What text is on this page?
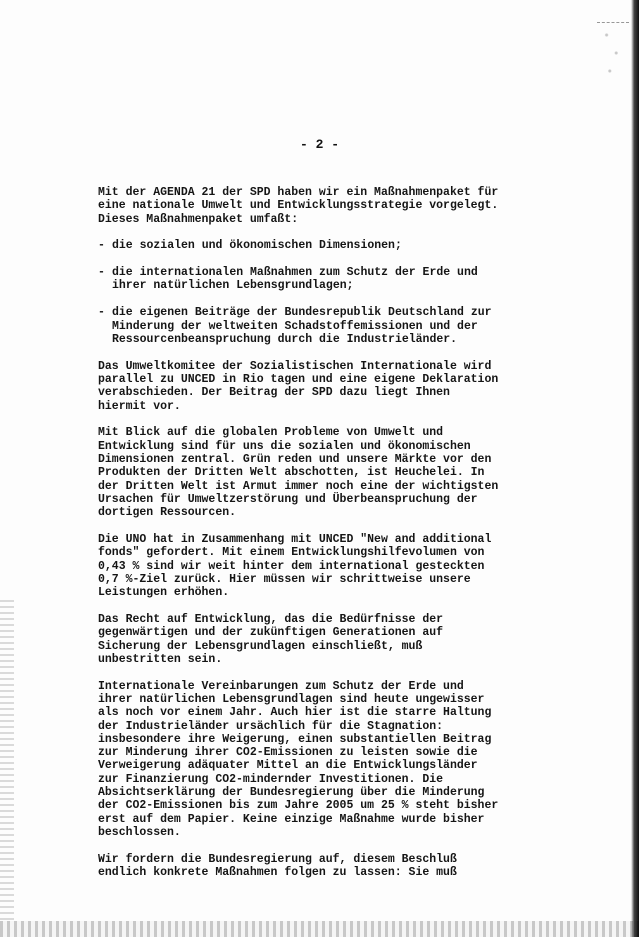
- 2 -

Mit der AGENDA 21 der SPD haben wir ein Maßnahmenpaket für
eine nationale Umwelt und Entwicklungsstrategie vorgelegt.
Dieses Maßnahmenpaket umfaßt:

- die sozialen und ökonomischen Dimensionen;
- die internationalen Maßnahmen zum Schutz der Erde und
ihrer natürlichen Lebensgrundlagen;
- die eigenen Beiträge der Bundesrepublik Deutschland zur
Minderung der weltweiten Schadstoffemissionen und der
Ressourcenbeanspruchung durch die Industrieländer.

Das Umweltkomitee der Sozialistischen Internationale wird
parallel zu UNCED in Rio tagen und eine eigene Deklaration
verabschieden. Der Beitrag der SPD dazu liegt Ihnen
hiermit vor.

Mit Blick auf die globalen Probleme von Umwelt und
Entwicklung sind für uns die sozialen und ökonomischen
Dimensionen zentral. Grün reden und unsere Märkte vor den
Produkten der Dritten Welt abschotten, ist Heuchelei. In
der Dritten Welt ist Armut immer noch eine der wichtigsten
Ursachen für Umweltzerstörung und Überbeanspruchung der
dortigen Ressourcen.

Die UNO hat in Zusammenhang mit UNCED "New and additional
fonds" gefordert. Mit einem Entwicklungshilfevolumen von
0,43 % sind wir weit hinter dem international gesteckten
0,7 %-Ziel zurück. Hier müssen wir schrittweise unsere
Leistungen erhöhen.

Das Recht auf Entwicklung, das die Bedürfnisse der
gegenwärtigen und der zukünftigen Generationen auf
Sicherung der Lebensgrundlagen einschließt, muß
unbestritten sein.

Internationale Vereinbarungen zum Schutz der Erde und
ihrer natürlichen Lebensgrundlagen sind heute ungewisser
als noch vor einem Jahr. Auch hier ist die starre Haltung
der Industrieländer ursächlich für die Stagnation:
insbesondere ihre Weigerung, einen substantiellen Beitrag
zur Minderung ihrer CO2-Emissionen zu leisten sowie die
Verweigerung adäquater Mittel an die Entwicklungsländer
zur Finanzierung CO2-mindernder Investitionen. Die
Absichtserklärung der Bundesregierung über die Minderung
der CO2-Emissionen bis zum Jahre 2005 um 25 % steht bisher
erst auf dem Papier. Keine einzige Maßnahme wurde bisher
beschlossen.

Wir fordern die Bundesregierung auf, diesem Beschluß
endlich konkrete Maßnahmen folgen zu lassen: Sie muß
